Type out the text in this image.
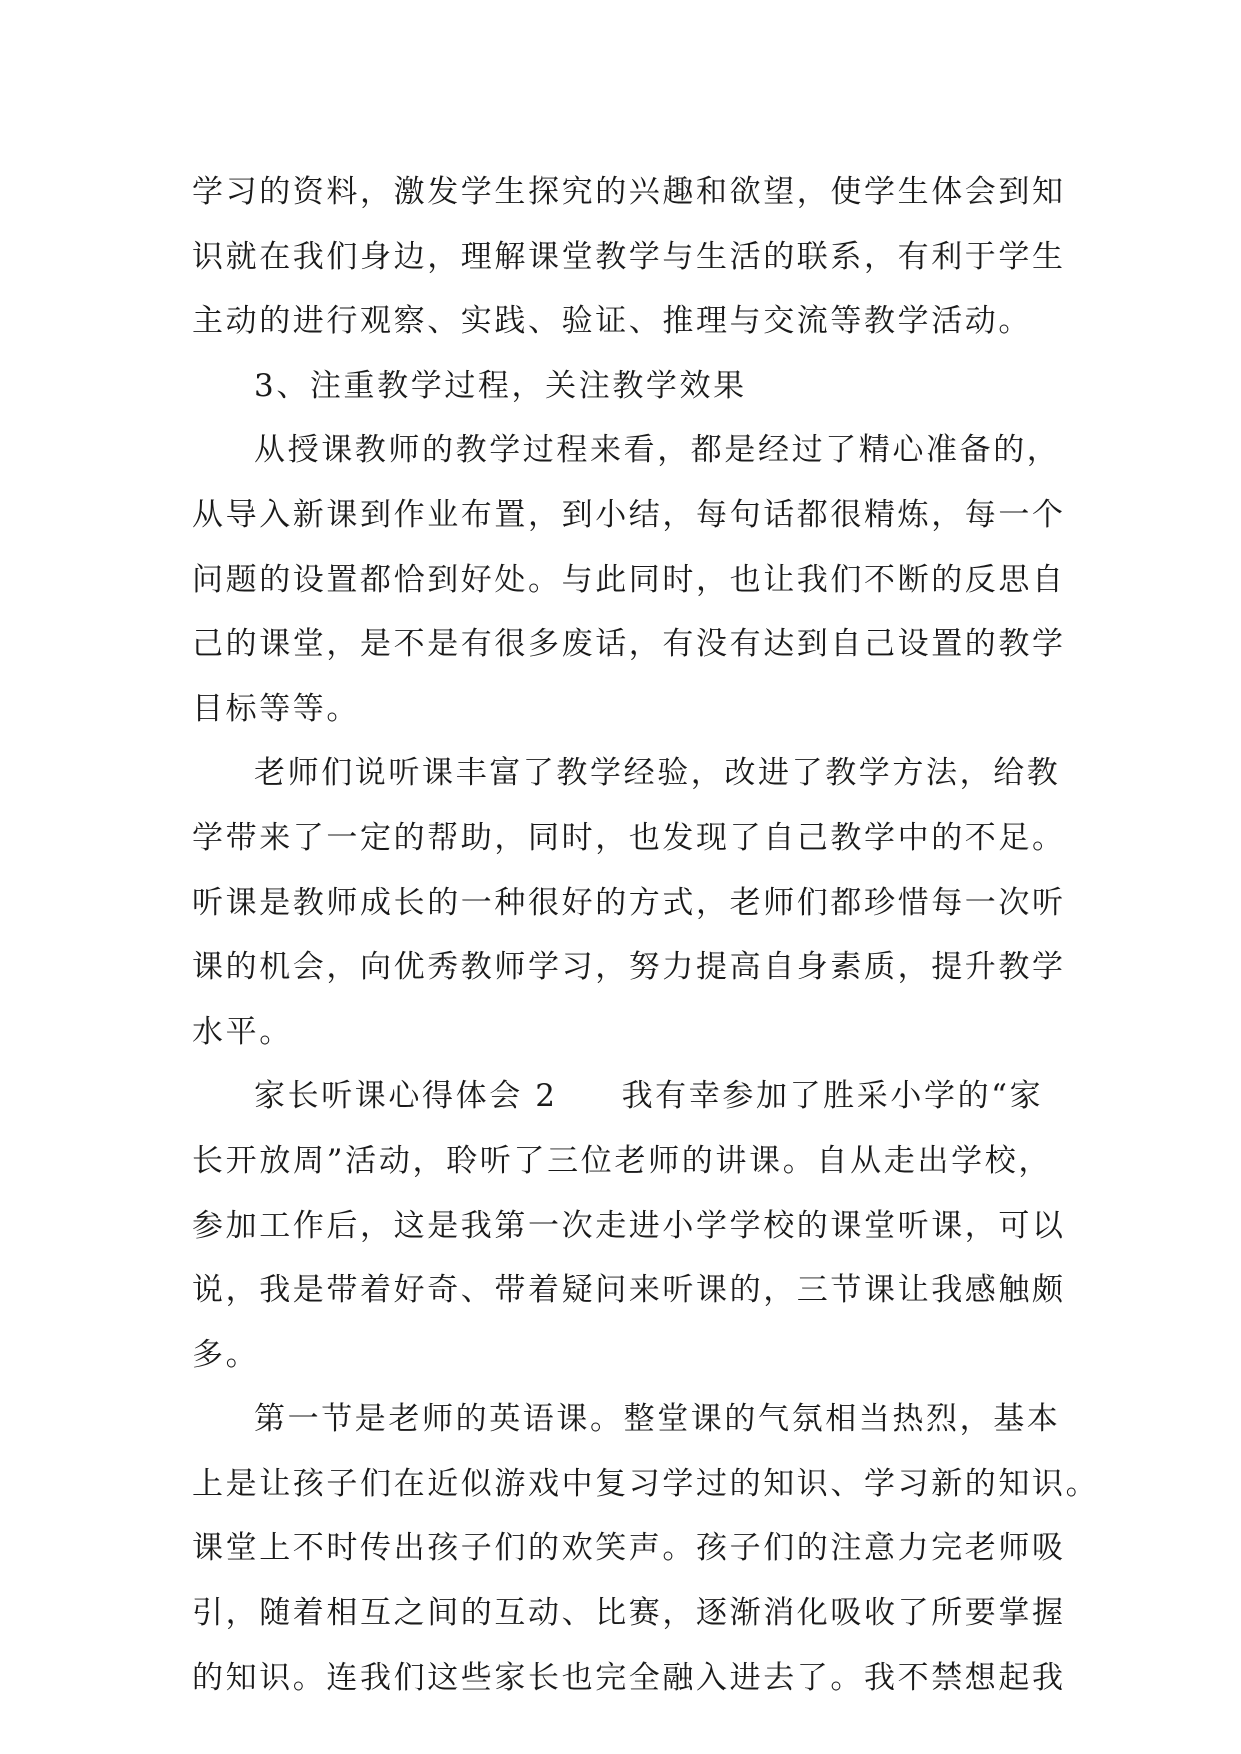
学习的资料，激发学生探究的兴趣和欲望，使学生体会到知
识就在我们身边，理解课堂教学与生活的联系，有利于学生
主动的进行观察、实践、验证、推理与交流等教学活动。
3、注重教学过程，关注教学效果
从授课教师的教学过程来看，都是经过了精心准备的，
从导入新课到作业布置，到小结，每句话都很精炼，每一个
问题的设置都恰到好处。与此同时，也让我们不断的反思自
己的课堂，是不是有很多废话，有没有达到自己设置的教学
目标等等。
老师们说听课丰富了教学经验，改进了教学方法，给教
学带来了一定的帮助，同时，也发现了自己教学中的不足。
听课是教师成长的一种很好的方式，老师们都珍惜每一次听
课的机会，向优秀教师学习，努力提高自身素质，提升教学
水平。
家长听课心得体会 2 我有幸参加了胜采小学的“家
长开放周”活动，聆听了三位老师的讲课。自从走出学校，
参加工作后，这是我第一次走进小学学校的课堂听课，可以
说，我是带着好奇、带着疑问来听课的，三节课让我感触颇
多。
第一节是老师的英语课。整堂课的气氛相当热烈，基本
上是让孩子们在近似游戏中复习学过的知识、学习新的知识。
课堂上不时传出孩子们的欢笑声。孩子们的注意力完老师吸
引，随着相互之间的互动、比赛，逐渐消化吸收了所要掌握
的知识。连我们这些家长也完全融入进去了。我不禁想起我
